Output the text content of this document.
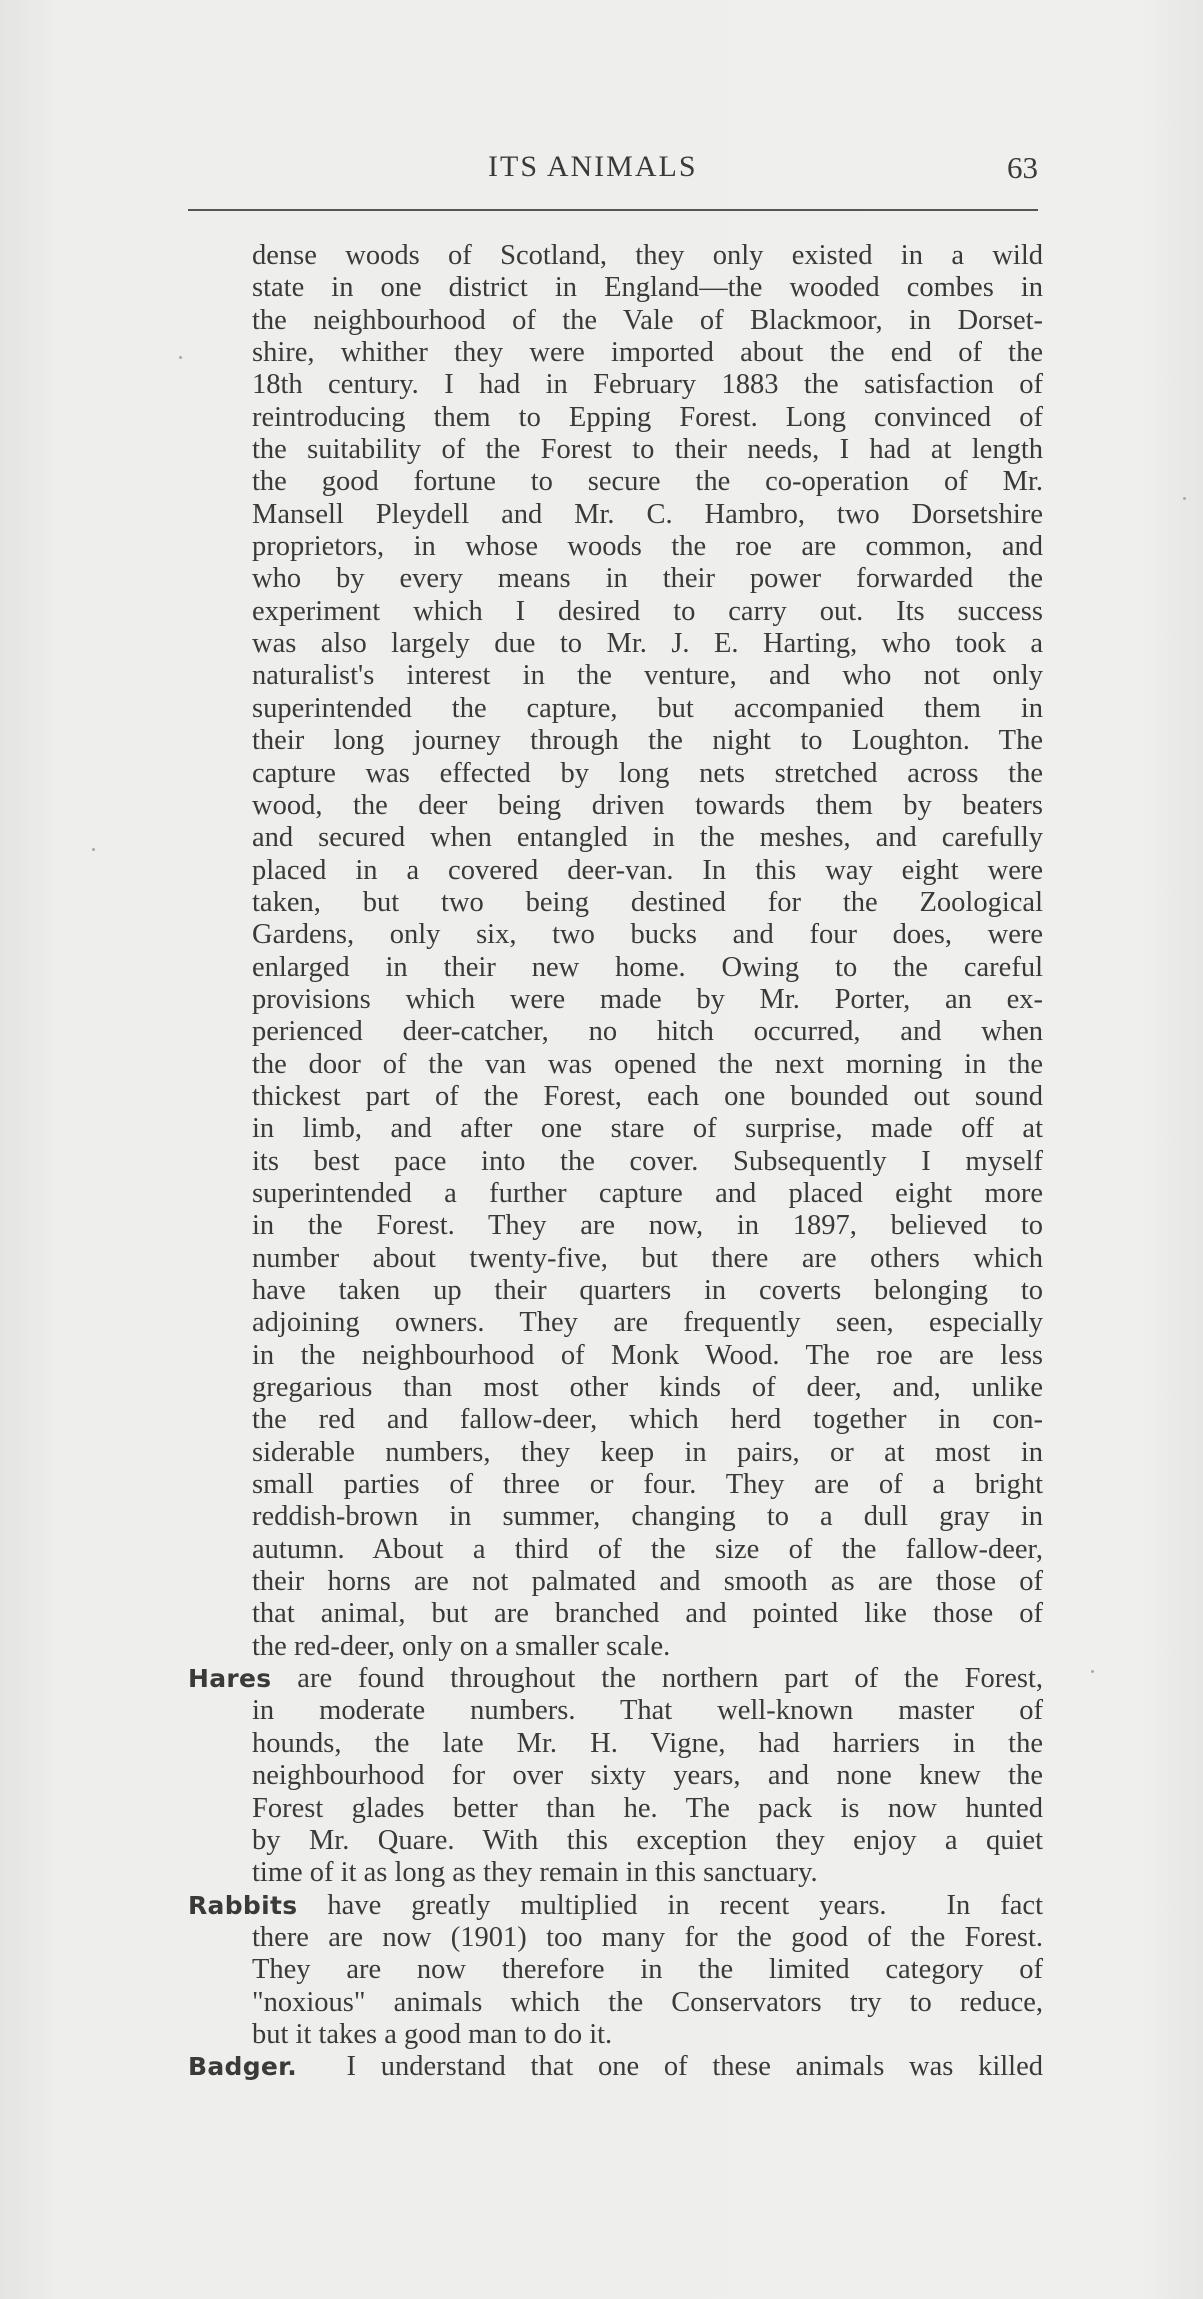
ITS ANIMALS	63
dense woods of Scotland, they only existed in a wild
state in one district in England—the wooded combes in
the neighbourhood of the Vale of Blackmoor, in Dorset-
shire, whither they were imported about the end of the
18th century. I had in February 1883 the satisfaction of
reintroducing them to Epping Forest. Long convinced of
the suitability of the Forest to their needs, I had at length
the good fortune to secure the co-operation of Mr.
Mansell Pleydell and Mr. C. Hambro, two Dorsetshire
proprietors, in whose woods the roe are common, and
who by every means in their power forwarded the
experiment which I desired to carry out. Its success
was also largely due to Mr. J. E. Harting, who took a
naturalist's interest in the venture, and who not only
superintended the capture, but accompanied them in
their long journey through the night to Loughton. The
capture was effected by long nets stretched across the
wood, the deer being driven towards them by beaters
and secured when entangled in the meshes, and carefully
placed in a covered deer-van. In this way eight were
taken, but two being destined for the Zoological
Gardens, only six, two bucks and four does, were
enlarged in their new home. Owing to the careful
provisions which were made by Mr. Porter, an ex-
perienced deer-catcher, no hitch occurred, and when
the door of the van was opened the next morning in the
thickest part of the Forest, each one bounded out sound
in limb, and after one stare of surprise, made off at
its best pace into the cover. Subsequently I myself
superintended a further capture and placed eight more
in the Forest. They are now, in 1897, believed to
number about twenty-five, but there are others which
have taken up their quarters in coverts belonging to
adjoining owners. They are frequently seen, especially
in the neighbourhood of Monk Wood. The roe are less
gregarious than most other kinds of deer, and, unlike
the red and fallow-deer, which herd together in con-
siderable numbers, they keep in pairs, or at most in
small parties of three or four. They are of a bright
reddish-brown in summer, changing to a dull gray in
autumn. About a third of the size of the fallow-deer,
their horns are not palmated and smooth as are those of
that animal, but are branched and pointed like those of
the red-deer, only on a smaller scale.
Hares are found throughout the northern part of the Forest,
in moderate numbers. That well-known master of
hounds, the late Mr. H. Vigne, had harriers in the
neighbourhood for over sixty years, and none knew the
Forest glades better than he. The pack is now hunted
by Mr. Quare. With this exception they enjoy a quiet
time of it as long as they remain in this sanctuary.
Rabbits have greatly multiplied in recent years.  In fact
there are now (1901) too many for the good of the Forest.
They are now therefore in the limited category of
"noxious" animals which the Conservators try to reduce,
but it takes a good man to do it.
Badger.  I understand that one of these animals was killed
